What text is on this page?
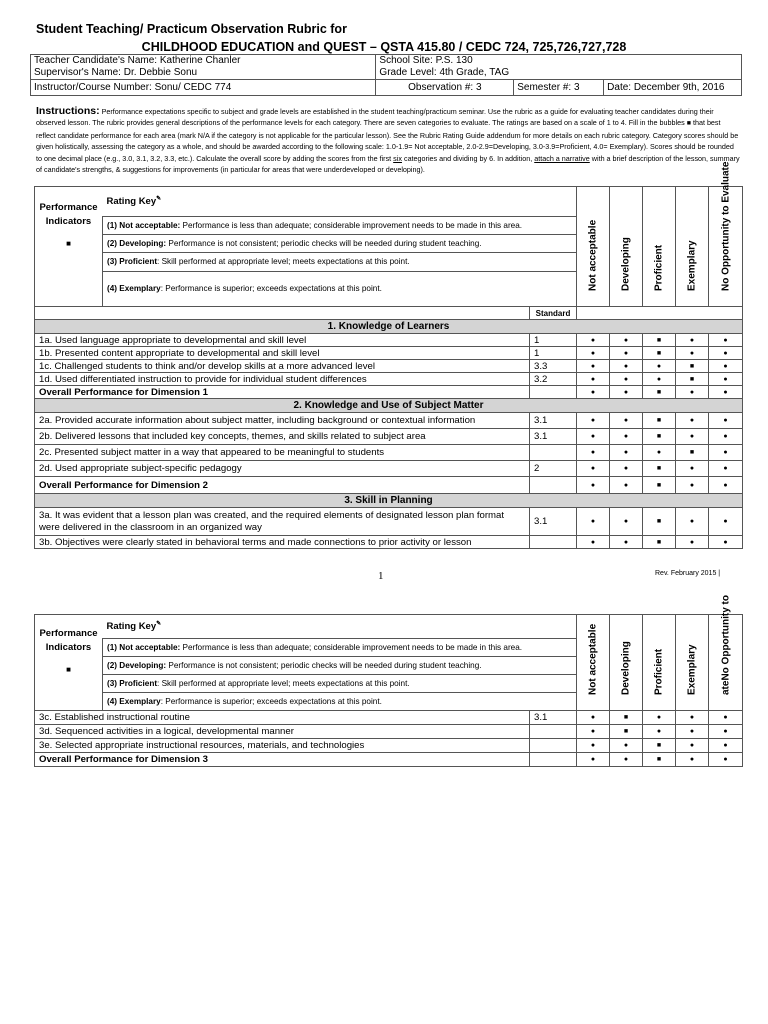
Student Teaching/ Practicum Observation Rubric for
CHILDHOOD EDUCATION and QUEST – QSTA 415.80 / CEDC 724, 725,726,727,728
Teacher Candidate's Name: Katherine Chanler	School Site: P.S. 130		
Supervisor's Name: Dr. Debbie Sonu	Grade Level: 4th Grade, TAG		
Instructor/Course Number: Sonu/ CEDC 774	Observation #: 3	Semester #: 3	Date: December 9th, 2016
Instructions: Performance expectations specific to subject and grade levels are established in the student teaching/practicum seminar. Use the rubric as a guide for evaluating teacher candidates during their observed lesson. The rubric provides general descriptions of the performance levels for each category. There are seven categories to evaluate. The ratings are based on a scale of 1 to 4. Fill in the bubbles ■ that best reflect candidate performance for each area (mark N/A if the category is not applicable for the particular lesson). See the Rubric Rating Guide addendum for more details on each rubric category. Category scores should be given holistically, assessing the category as a whole, and should be awarded according to the following scale: 1.0-1.9= Not acceptable, 2.0-2.9=Developing, 3.0-3.9=Proficient, 4.0= Exemplary). Scores should be rounded to one decimal place (e.g., 3.0, 3.1, 3.2, 3.3, etc.). Calculate the overall score by adding the scores from the first six categories and dividing by 6. In addition, attach a narrative with a brief description of the lesson, summary of candidate's strengths, & suggestions for improvements (in particular for areas that were underdeveloped or developing).
Performance Indicators
■	Rating Key✎		Not acceptable	Developing	Proficient	Exemplary	No Opportunity to Evaluate

	(1) Not acceptable: Performance is less than adequate; considerable improvement needs to be made in this area.						
	(2) Developing: Performance is not consistent; periodic checks will be needed during student teaching.						

	(3) Proficient: Skill performed at appropriate level; meets expectations at this point.
(4) Exemplary: Performance is superior; exceeds expectations at this point.						

		Standard					
1. Knowledge of Learners							
1a. Used language appropriate to developmental and skill level		1	●	●	■	●	●
1b. Presented content appropriate to developmental and skill level		1	●	●	■	●	●
1c. Challenged students to think and/or develop skills at a more advanced level		3.3	●	●	●	■	●
1d. Used differentiated instruction to provide for individual student differences		3.2	●	●	●	■	●
Overall Performance for Dimension 1			●	●	■	●	●
2. Knowledge and Use of Subject Matter							
2a. Provided accurate information about subject matter, including background or contextual information		3.1	●	●	■	●	●
2b. Delivered lessons that included key concepts, themes, and skills related to subject area		3.1	●	●	■	●	●
2c. Presented subject matter in a way that appeared to be meaningful to students			●	●	●	■	●
2d. Used appropriate subject-specific pedagogy		2	●	●	■	●	●
Overall Performance for Dimension 2			●	●	■	●	●
3. Skill in Planning							
3a. It was evident that a lesson plan was created, and the required elements of designated lesson plan format were delivered in the classroom in an organized way		3.1	●	●	■	●	●
3b. Objectives were clearly stated in behavioral terms and made connections to prior activity or lesson			●	●	■	●	●
1	Rev. February 2015 |
Performance Indicators
■	Rating Key✎		Not acceptable	Developing	Proficient	Exemplary	ateNo Opportunity to

	(1) Not acceptable: Performance is less than adequate; considerable improvement needs to be made in this area.						
	(2) Developing: Performance is not consistent; periodic checks will be needed during student teaching.						

	(3) Proficient: Skill performed at appropriate level; meets expectations at this point.
(4) Exemplary: Performance is superior; exceeds expectations at this point.						

3c. Established instructional routine		3.1	●	■	●	●	●
3d. Sequenced activities in a logical, developmental manner			●	■	●	●	●
3e. Selected appropriate instructional resources, materials, and technologies			●	●	■	●	●
Overall Performance for Dimension 3			●	●	■	●	●
